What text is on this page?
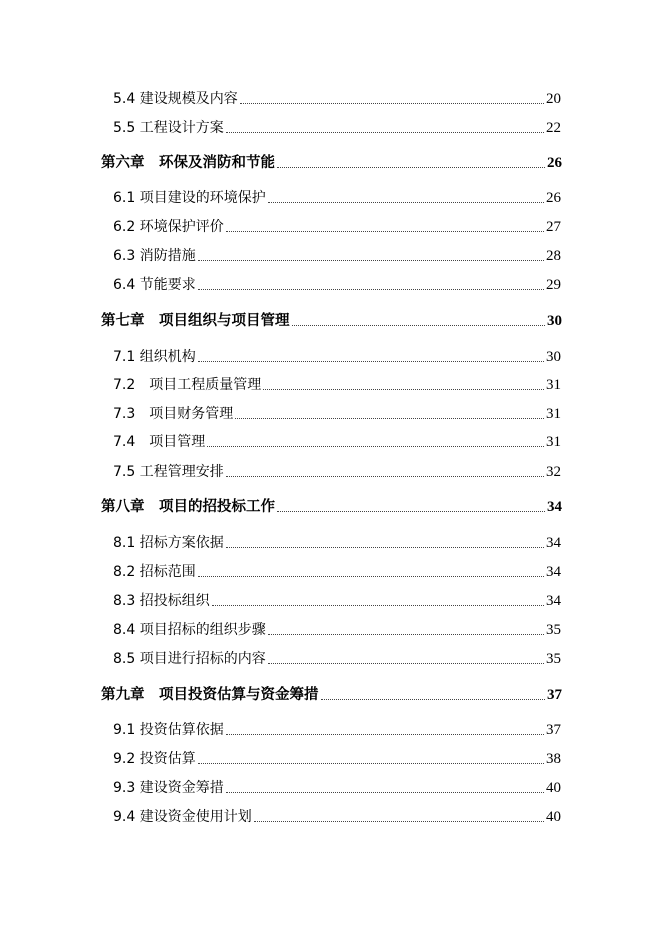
5.4 建设规模及内容	20
5.5 工程设计方案	22
第六章　环保及消防和节能	26
6.1 项目建设的环境保护	26
6.2 环境保护评价	27
6.3 消防措施	28
6.4 节能要求	29
第七章　项目组织与项目管理	30
7.1 组织机构	30
7.2　项目工程质量管理	31
7.3　项目财务管理	31
7.4　项目管理	31
7.5 工程管理安排	32
第八章　项目的招投标工作	34
8.1 招标方案依据	34
8.2 招标范围	34
8.3 招投标组织	34
8.4 项目招标的组织步骤	35
8.5 项目进行招标的内容	35
第九章　项目投资估算与资金筹措	37
9.1 投资估算依据	37
9.2 投资估算	38
9.3 建设资金筹措	40
9.4 建设资金使用计划	40
